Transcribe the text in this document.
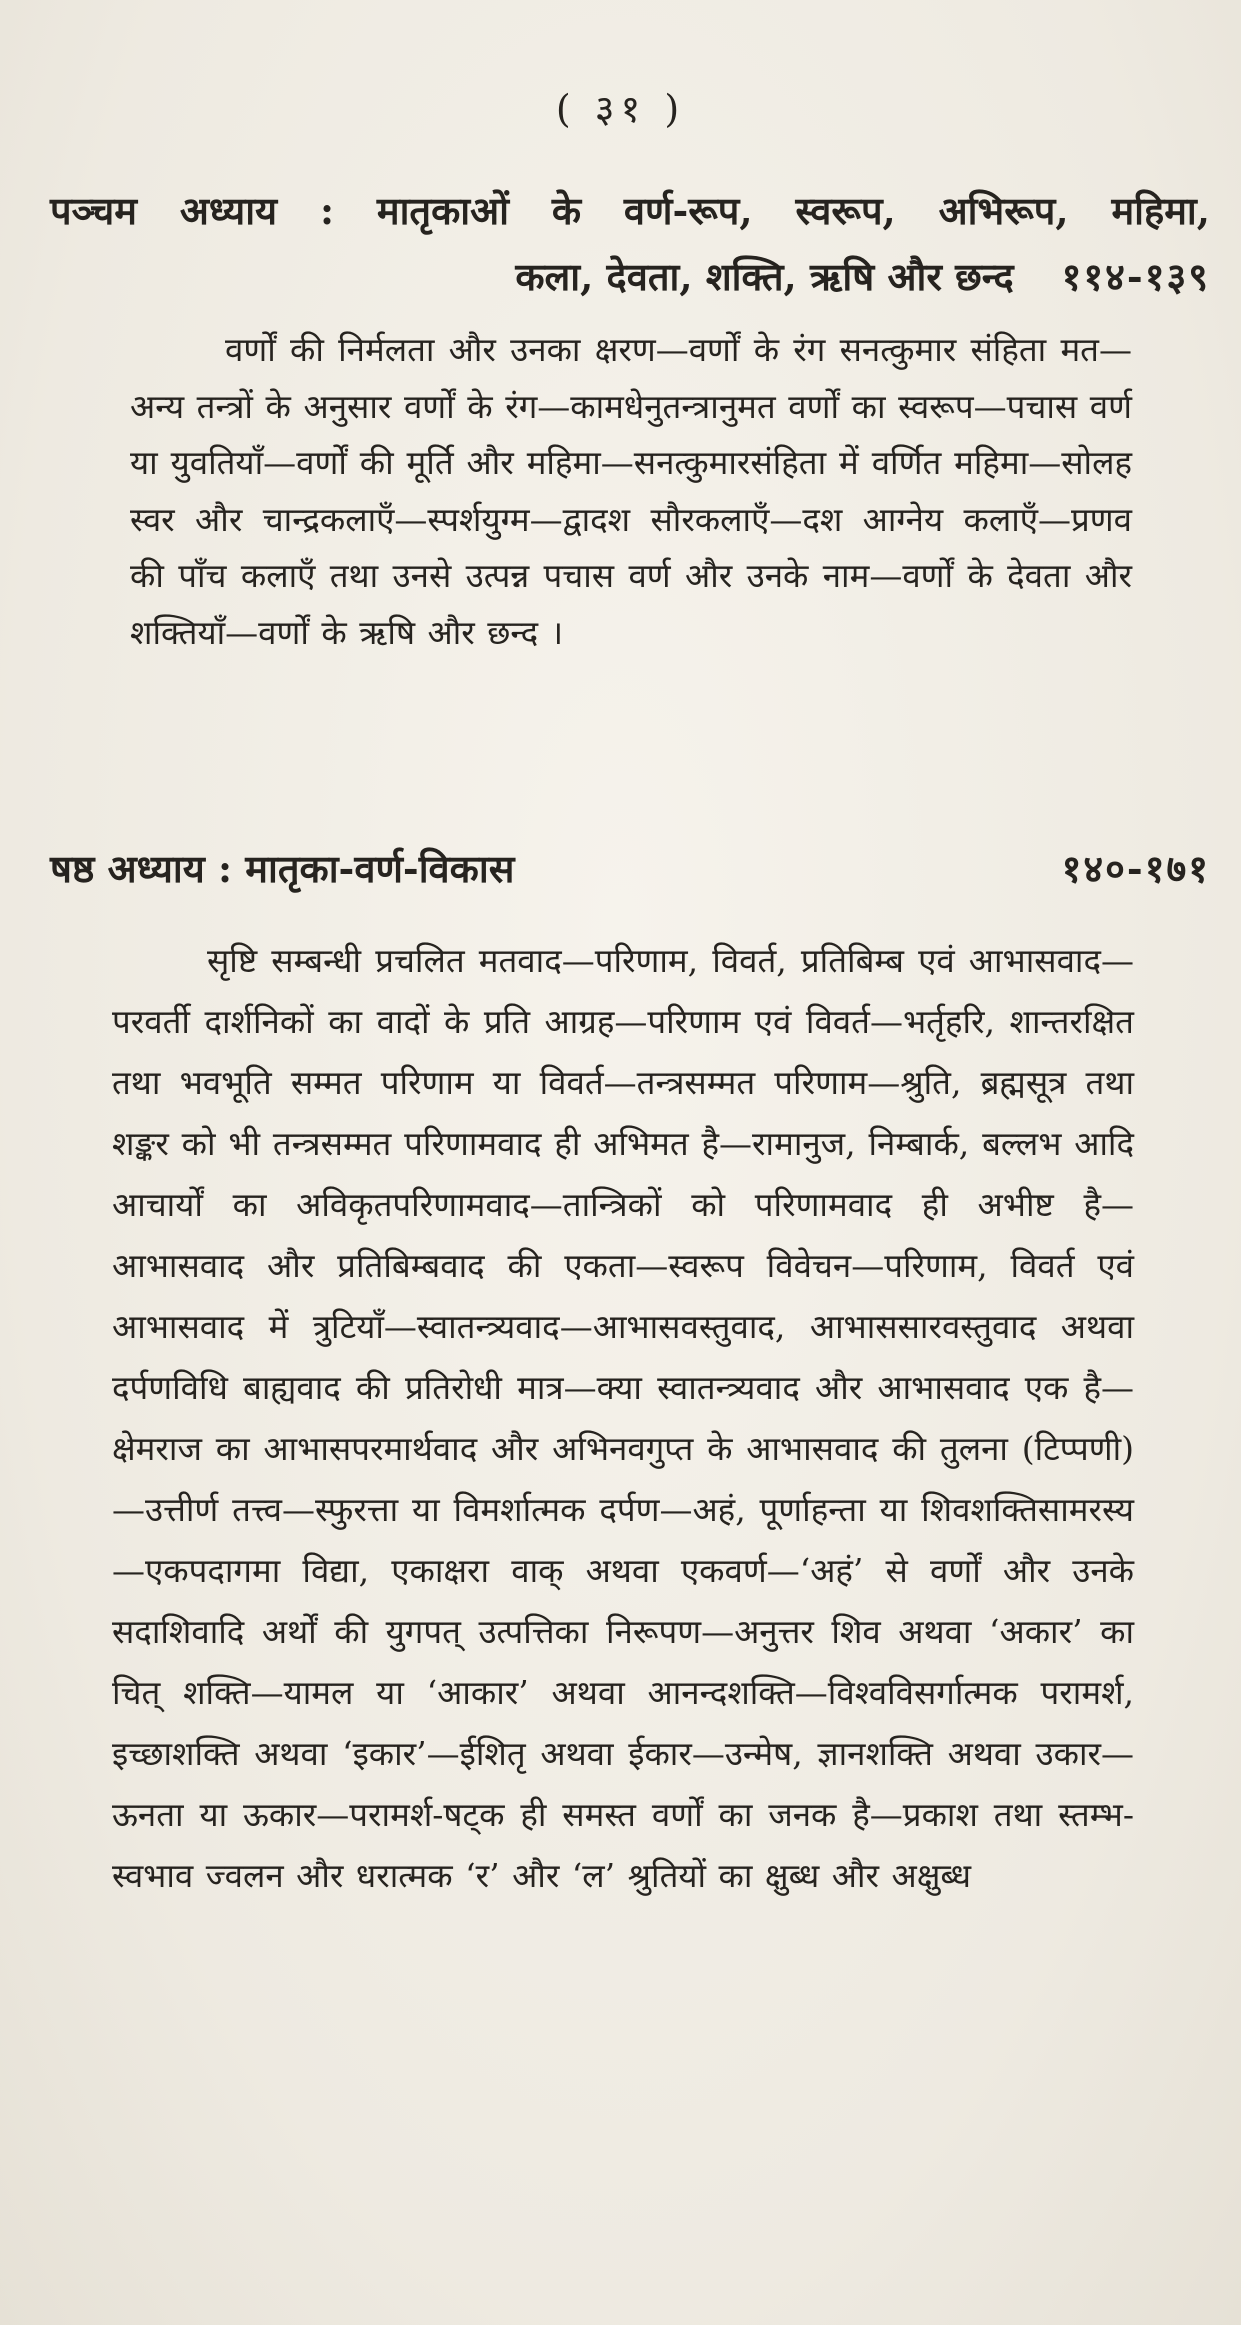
( ३१ )
पञ्चम अध्याय : मातृकाओं के वर्ण-रूप, स्वरूप, अभिरूप, महिमा,
कला, देवता, शक्ति, ऋषि और छन्द ११४-१३९

वर्णों की निर्मलता और उनका क्षरण—वर्णों के रंग सनत्कुमार संहिता मत—अन्य तन्त्रों के अनुसार वर्णों के रंग—कामधेनुतन्त्रानुमत वर्णों का स्वरूप—पचास वर्ण या युवतियाँ—वर्णों की मूर्ति और महिमा—सनत्कुमारसंहिता में वर्णित महिमा—सोलह स्वर और चान्द्रकलाएँ—स्पर्शयुग्म—द्वादश सौरकलाएँ—दश आग्नेय कलाएँ—प्रणव की पाँच कलाएँ तथा उनसे उत्पन्न पचास वर्ण और उनके नाम—वर्णों के देवता और शक्तियाँ—वर्णों के ऋषि और छन्द ।

षष्ठ अध्याय : मातृका-वर्ण-विकास	१४०-१७१

सृष्टि सम्बन्धी प्रचलित मतवाद—परिणाम, विवर्त, प्रतिबिम्ब एवं आभासवाद—परवर्ती दार्शनिकों का वादों के प्रति आग्रह—परिणाम एवं विवर्त—भर्तृहरि, शान्तरक्षित तथा भवभूति सम्मत परिणाम या विवर्त—तन्त्रसम्मत परिणाम—श्रुति, ब्रह्मसूत्र तथा शङ्कर को भी तन्त्रसम्मत परिणामवाद ही अभिमत है—रामानुज, निम्बार्क, बल्लभ आदि आचार्यों का अविकृतपरिणामवाद—तान्त्रिकों को परिणामवाद ही अभीष्ट है—आभासवाद और प्रतिबिम्बवाद की एकता—स्वरूप विवेचन—परिणाम, विवर्त एवं आभासवाद में त्रुटियाँ—स्वातन्त्र्यवाद—आभासवस्तुवाद, आभाससारवस्तुवाद अथवा दर्पणविधि बाह्यवाद की प्रतिरोधी मात्र—क्या स्वातन्त्र्यवाद और आभासवाद एक है—क्षेमराज का आभासपरमार्थवाद और अभिनवगुप्त के आभासवाद की तुलना (टिप्पणी)—उत्तीर्ण तत्त्व—स्फुरत्ता या विमर्शात्मक दर्पण—अहं, पूर्णाहन्ता या शिवशक्तिसामरस्य—एकपदागमा विद्या, एकाक्षरा वाक् अथवा एकवर्ण—‘अहं’ से वर्णों और उनके सदाशिवादि अर्थों की युगपत् उत्पत्तिका निरूपण—अनुत्तर शिव अथवा ‘अकार’ का चित् शक्ति—यामल या ‘आकार’ अथवा आनन्दशक्ति—विश्वविसर्गात्मक परामर्श, इच्छाशक्ति अथवा ‘इकार’—ईशितृ अथवा ईकार—उन्मेष, ज्ञानशक्ति अथवा उकार—ऊनता या ऊकार—परामर्श-षट्क ही समस्त वर्णों का जनक है—प्रकाश तथा स्तम्भ-स्वभाव ज्वलन और धरात्मक ‘र’ और ‘ल’ श्रुतियों का क्षुब्ध और अक्षुब्ध
